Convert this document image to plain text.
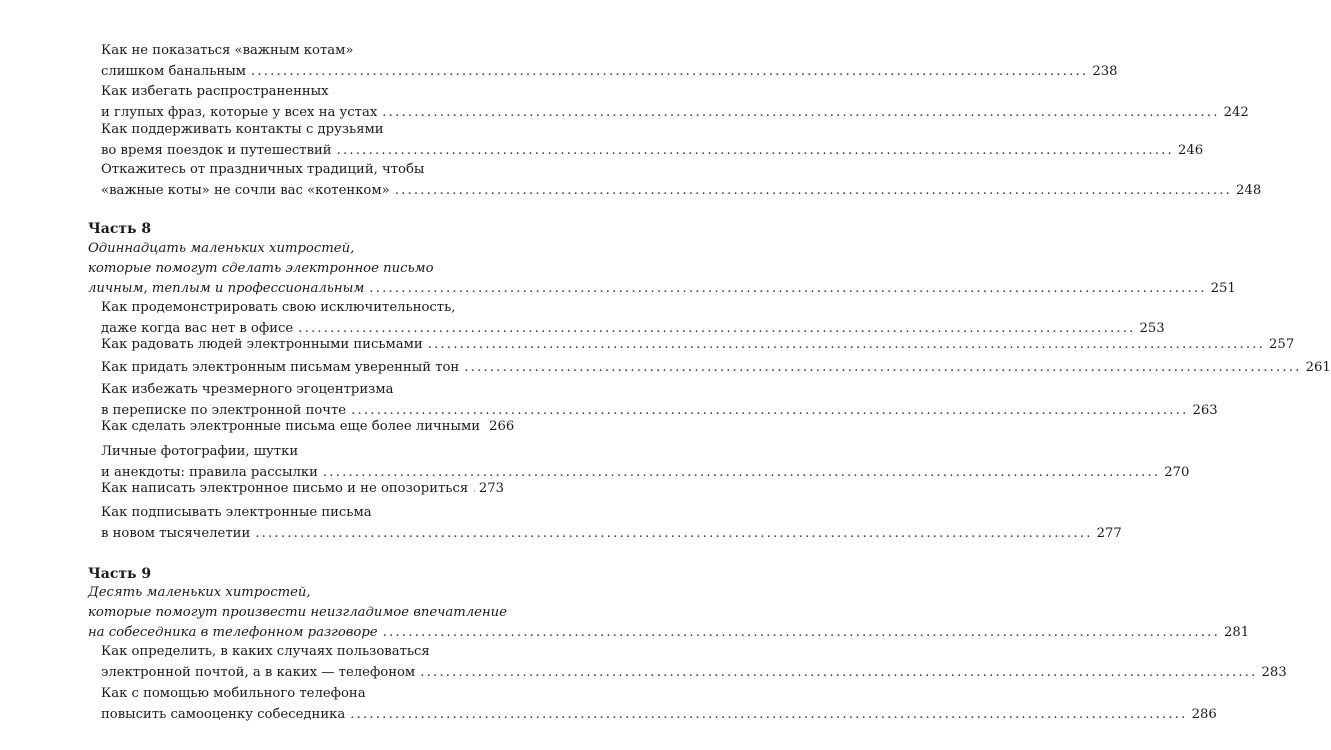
Как не показаться «важным котам»
слишком банальным ................................................................................................................................... 238
Как избегать распространенных
и глупых фраз, которые у всех на устах ................................................................................................................................... 242
Как поддерживать контакты с друзьями
во время поездок и путешествий ................................................................................................................................... 246
Откажитесь от праздничных традиций, чтобы
«важные коты» не сочли вас «котенком» ................................................................................................................................... 248
Часть 8
Одиннадцать маленьких хитростей,
которые помогут сделать электронное письмо
личным, теплым и профессиональным ................................................................................................................................... 251
Как продемонстрировать свою исключительность,
даже когда вас нет в офисе ................................................................................................................................... 253
Как радовать людей электронными письмами ................................................................................................................................... 257
Как придать электронным письмам уверенный тон ................................................................................................................................... 261
Как избежать чрезмерного эгоцентризма
в переписке по электронной почте ................................................................................................................................... 263
Как сделать электронные письма еще более личными 266
Личные фотографии, шутки
и анекдоты: правила рассылки ................................................................................................................................... 270
Как написать электронное письмо и не опозориться 273
Как подписывать электронные письма
в новом тысячелетии ................................................................................................................................... 277
Часть 9
Десять маленьких хитростей,
которые помогут произвести неизгладимое впечатление
на собеседника в телефонном разговоре ................................................................................................................................... 281
Как определить, в каких случаях пользоваться
электронной почтой, а в каких — телефоном ................................................................................................................................... 283
Как с помощью мобильного телефона
повысить самооценку собеседника ................................................................................................................................... 286
